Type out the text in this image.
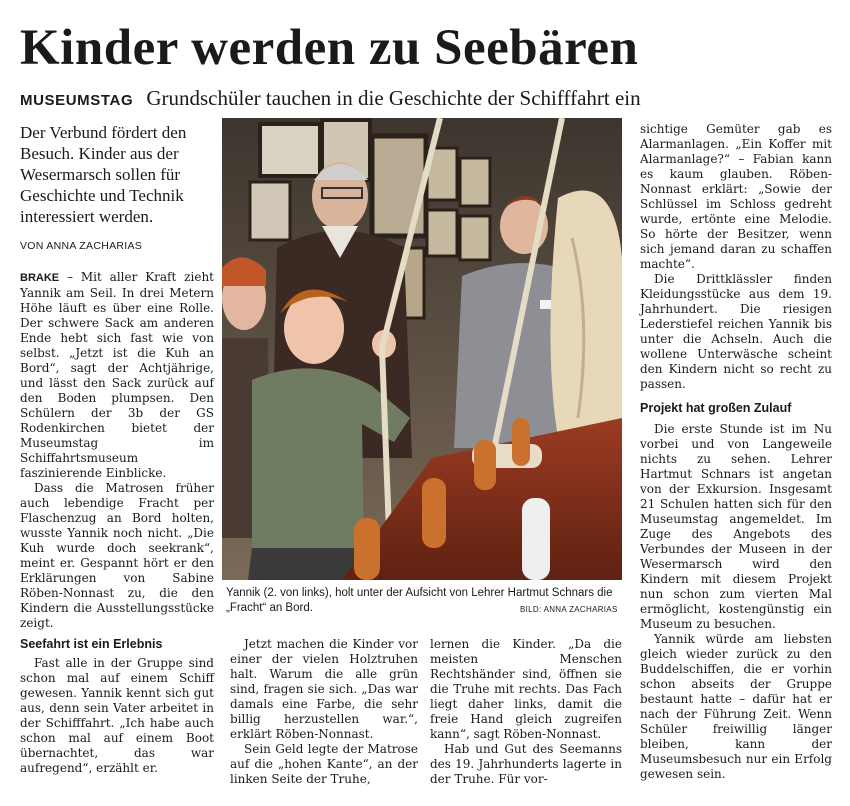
Kinder werden zu Seebären
MUSEUMSTAG Grundschüler tauchen in die Geschichte der Schifffahrt ein

Der Verbund fördert den Besuch. Kinder aus der Wesermarsch sollen für Geschichte und Technik interessiert werden.

VON ANNA ZACHARIAS

BRAKE – Mit aller Kraft zieht Yannik am Seil. In drei Metern Höhe läuft es über eine Rolle. Der schwere Sack am anderen Ende hebt sich fast wie von selbst. „Jetzt ist die Kuh an Bord“, sagt der Achtjährige, und lässt den Sack zurück auf den Boden plumpsen. Den Schülern der 3b der GS Rodenkirchen bietet der Museumstag im Schiffahrtsmuseum faszinierende Einblicke.

Dass die Matrosen früher auch lebendige Fracht per Flaschenzug an Bord holten, wusste Yannik noch nicht. „Die Kuh wurde doch seekrank“, meint er. Gespannt hört er den Erklärungen von Sabine Röben-Nonnast zu, die den Kindern die Ausstellungsstücke zeigt.

Seefahrt ist ein Erlebnis

Fast alle in der Gruppe sind schon mal auf einem Schiff gewesen. Yannik kennt sich gut aus, denn sein Vater arbeitet in der Schifffahrt. „Ich habe auch schon mal auf einem Boot übernachtet, das war aufregend“, erzählt er.

Yannik (2. von links), holt unter der Aufsicht von Lehrer Hartmut Schnars die „Fracht“ an Bord.	BILD: ANNA ZACHARIAS

Jetzt machen die Kinder vor einer der vielen Holztruhen halt. Warum die alle grün sind, fragen sie sich. „Das war damals eine Farbe, die sehr billig herzustellen war.“, erklärt Röben-Nonnast.

Sein Geld legte der Matrose auf die „hohen Kante“, an der linken Seite der Truhe,

lernen die Kinder. „Da die meisten Menschen Rechtshänder sind, öffnen sie die Truhe mit rechts. Das Fach liegt daher links, damit die freie Hand gleich zugreifen kann“, sagt Röben-Nonnast.

Hab und Gut des Seemanns des 19. Jahrhunderts lagerte in der Truhe. Für vor-

sichtige Gemüter gab es Alarmanlagen. „Ein Koffer mit Alarmanlage?“ – Fabian kann es kaum glauben. Röben-Nonnast erklärt: „Sowie der Schlüssel im Schloss gedreht wurde, ertönte eine Melodie. So hörte der Besitzer, wenn sich jemand daran zu schaffen machte“.

Die Drittklässler finden Kleidungsstücke aus dem 19. Jahrhundert. Die riesigen Lederstiefel reichen Yannik bis unter die Achseln. Auch die wollene Unterwäsche scheint den Kindern nicht so recht zu passen.

Projekt hat großen Zulauf

Die erste Stunde ist im Nu vorbei und von Langeweile nichts zu sehen. Lehrer Hartmut Schnars ist angetan von der Exkursion. Insgesamt 21 Schulen hatten sich für den Museumstag angemeldet. Im Zuge des Angebots des Verbundes der Museen in der Wesermarsch wird den Kindern mit diesem Projekt nun schon zum vierten Mal ermöglicht, kostengünstig ein Museum zu besuchen.

Yannik würde am liebsten gleich wieder zurück zu den Buddelschiffen, die er vorhin schon abseits der Gruppe bestaunt hatte – dafür hat er nach der Führung Zeit. Wenn Schüler freiwillig länger bleiben, kann der Museumsbesuch nur ein Erfolg gewesen sein.
